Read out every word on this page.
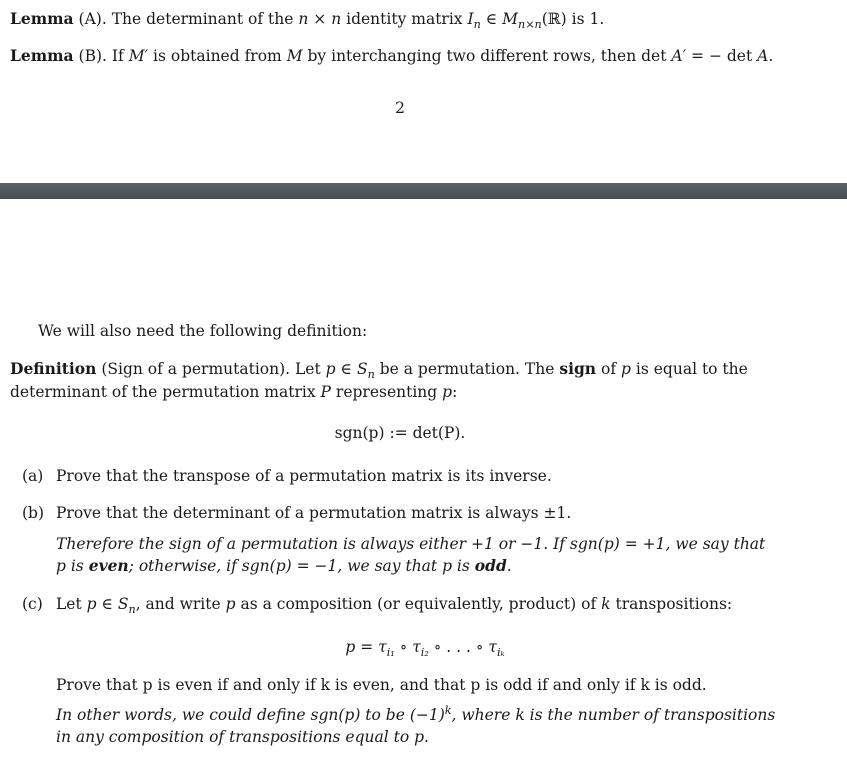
Lemma (A). The determinant of the n × n identity matrix $I_n$ ∈ $M_{n\times n}(ℝ)$ is 1.
Lemma (B). If M′ is obtained from M by interchanging two different rows, then det A′ = − det A.
2
We will also need the following definition:
Definition (Sign of a permutation). Let p ∈ $S_n$ be a permutation. The sign of p is equal to the
determinant of the permutation matrix P representing p:
sgn(p) := det(P).
(a) Prove that the transpose of a permutation matrix is its inverse.
(b) Prove that the determinant of a permutation matrix is always ±1.
Therefore the sign of a permutation is always either +1 or −1. If sgn(p) = +1, we say that
p is even; otherwise, if sgn(p) = −1, we say that p is odd.
(c) Let p ∈ $S_n$, and write p as a composition (or equivalently, product) of k transpositions:
$p = \tau_{i_1}$ ∘ $\tau_{i_2}$ ∘ . . . ∘ $\tau_{i_k}$
Prove that p is even if and only if k is even, and that p is odd if and only if k is odd.
In other words, we could define sgn(p) to be $(-1)^k$, where k is the number of transpositions
in any composition of transpositions equal to p.
